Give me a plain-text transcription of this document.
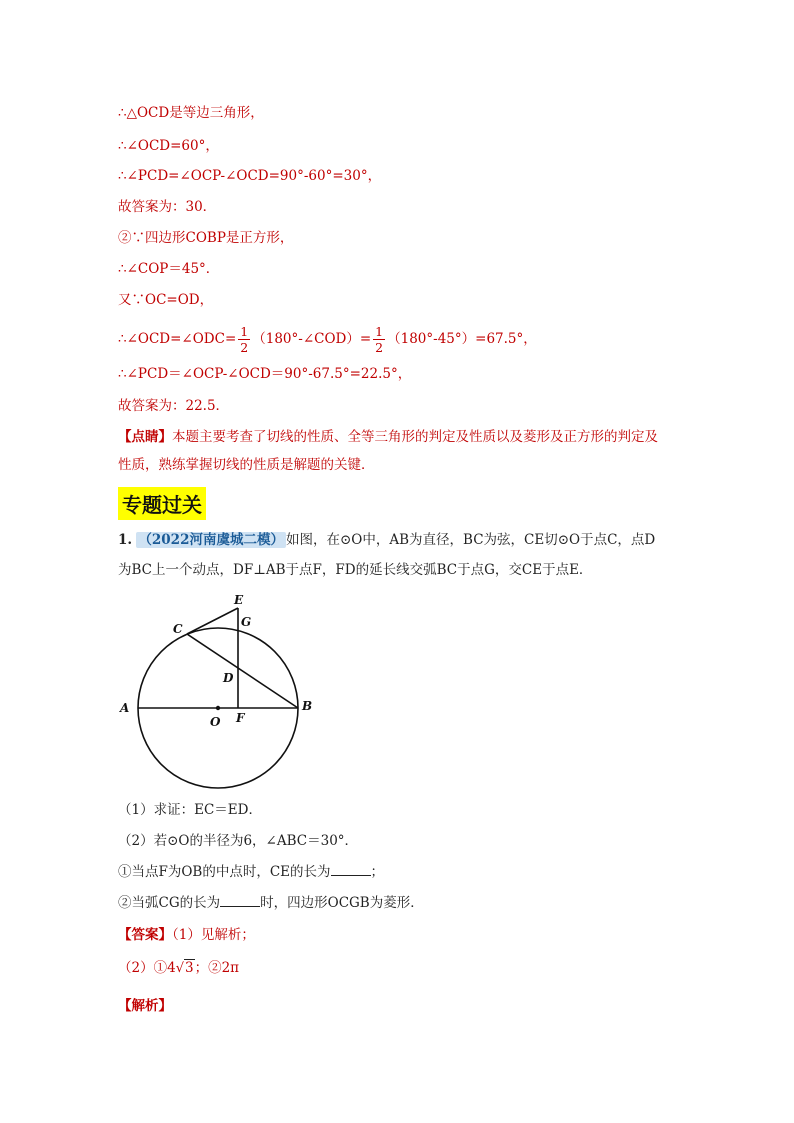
∴△OCD是等边三角形，
∴∠OCD=60°，
∴∠PCD=∠OCP-∠OCD=90°-60°=30°，
故答案为：30．
②∵四边形COBP是正方形，
∴∠COP＝45°．
又∵OC=OD，
∴∠OCD=∠ODC= $\frac{1}{2}$ （180°-∠COD）= $\frac{1}{2} (180^\circ-45^\circ)=67.5^\circ$，
∴∠PCD＝∠OCP-∠OCD＝90°-67.5°=22.5°，
故答案为：22.5．
【点睛】本题主要考查了切线的性质、全等三角形的判定及性质以及菱形及正方形的判定及
性质，熟练掌握切线的性质是解题的关键．
专题过关
1. （2022河南虞城二模） 如图，在⊙O中，AB为直径，BC为弦，CE切⊙O于点C，点D
为BC上一个动点，DF⊥AB于点F，FD的延长线交弧BC于点G，交CE于点E．
A	B
C
D
E
F
G
O
（1）求证：EC＝ED．
（2）若⊙O的半径为6，∠ABC＝30°．
①当点F为OB的中点时，CE的长为	；
②当弧CG的长为	时，四边形OCGB为菱形．
【答案】（1）见解析；
（2）①4√3；②2π
【解析】
